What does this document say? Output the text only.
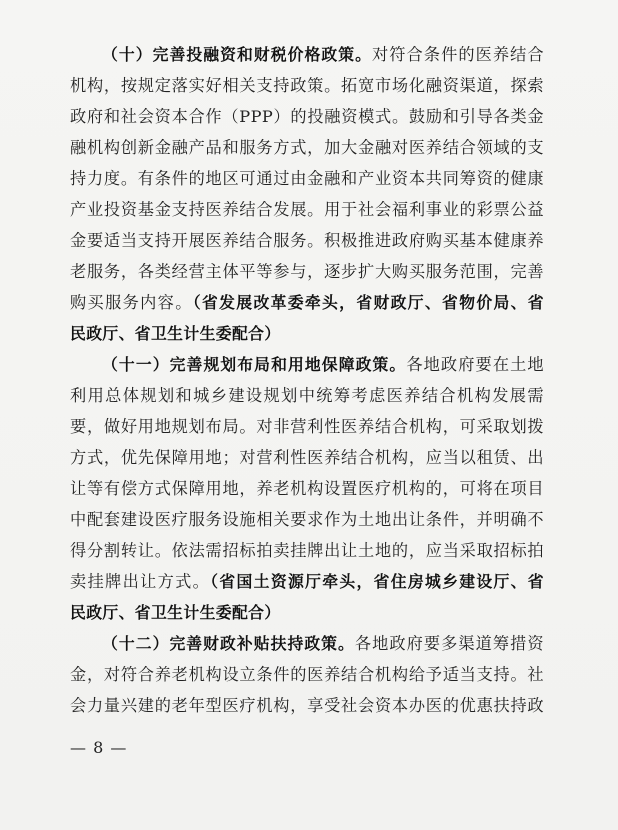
（十）完善投融资和财税价格政策。对符合条件的医养结合
机构，按规定落实好相关支持政策。拓宽市场化融资渠道，探索
政府和社会资本合作（PPP）的投融资模式。鼓励和引导各类金
融机构创新金融产品和服务方式，加大金融对医养结合领域的支
持力度。有条件的地区可通过由金融和产业资本共同筹资的健康
产业投资基金支持医养结合发展。用于社会福利事业的彩票公益
金要适当支持开展医养结合服务。积极推进政府购买基本健康养
老服务，各类经营主体平等参与，逐步扩大购买服务范围，完善
购买服务内容。（省发展改革委牵头，省财政厅、省物价局、省
民政厅、省卫生计生委配合）
（十一）完善规划布局和用地保障政策。各地政府要在土地
利用总体规划和城乡建设规划中统筹考虑医养结合机构发展需
要，做好用地规划布局。对非营利性医养结合机构，可采取划拨
方式，优先保障用地；对营利性医养结合机构，应当以租赁、出
让等有偿方式保障用地，养老机构设置医疗机构的，可将在项目
中配套建设医疗服务设施相关要求作为土地出让条件，并明确不
得分割转让。依法需招标拍卖挂牌出让土地的，应当采取招标拍
卖挂牌出让方式。（省国土资源厅牵头，省住房城乡建设厅、省
民政厅、省卫生计生委配合）
（十二）完善财政补贴扶持政策。各地政府要多渠道筹措资
金，对符合养老机构设立条件的医养结合机构给予适当支持。社
会力量兴建的老年型医疗机构，享受社会资本办医的优惠扶持政
— 8 —
